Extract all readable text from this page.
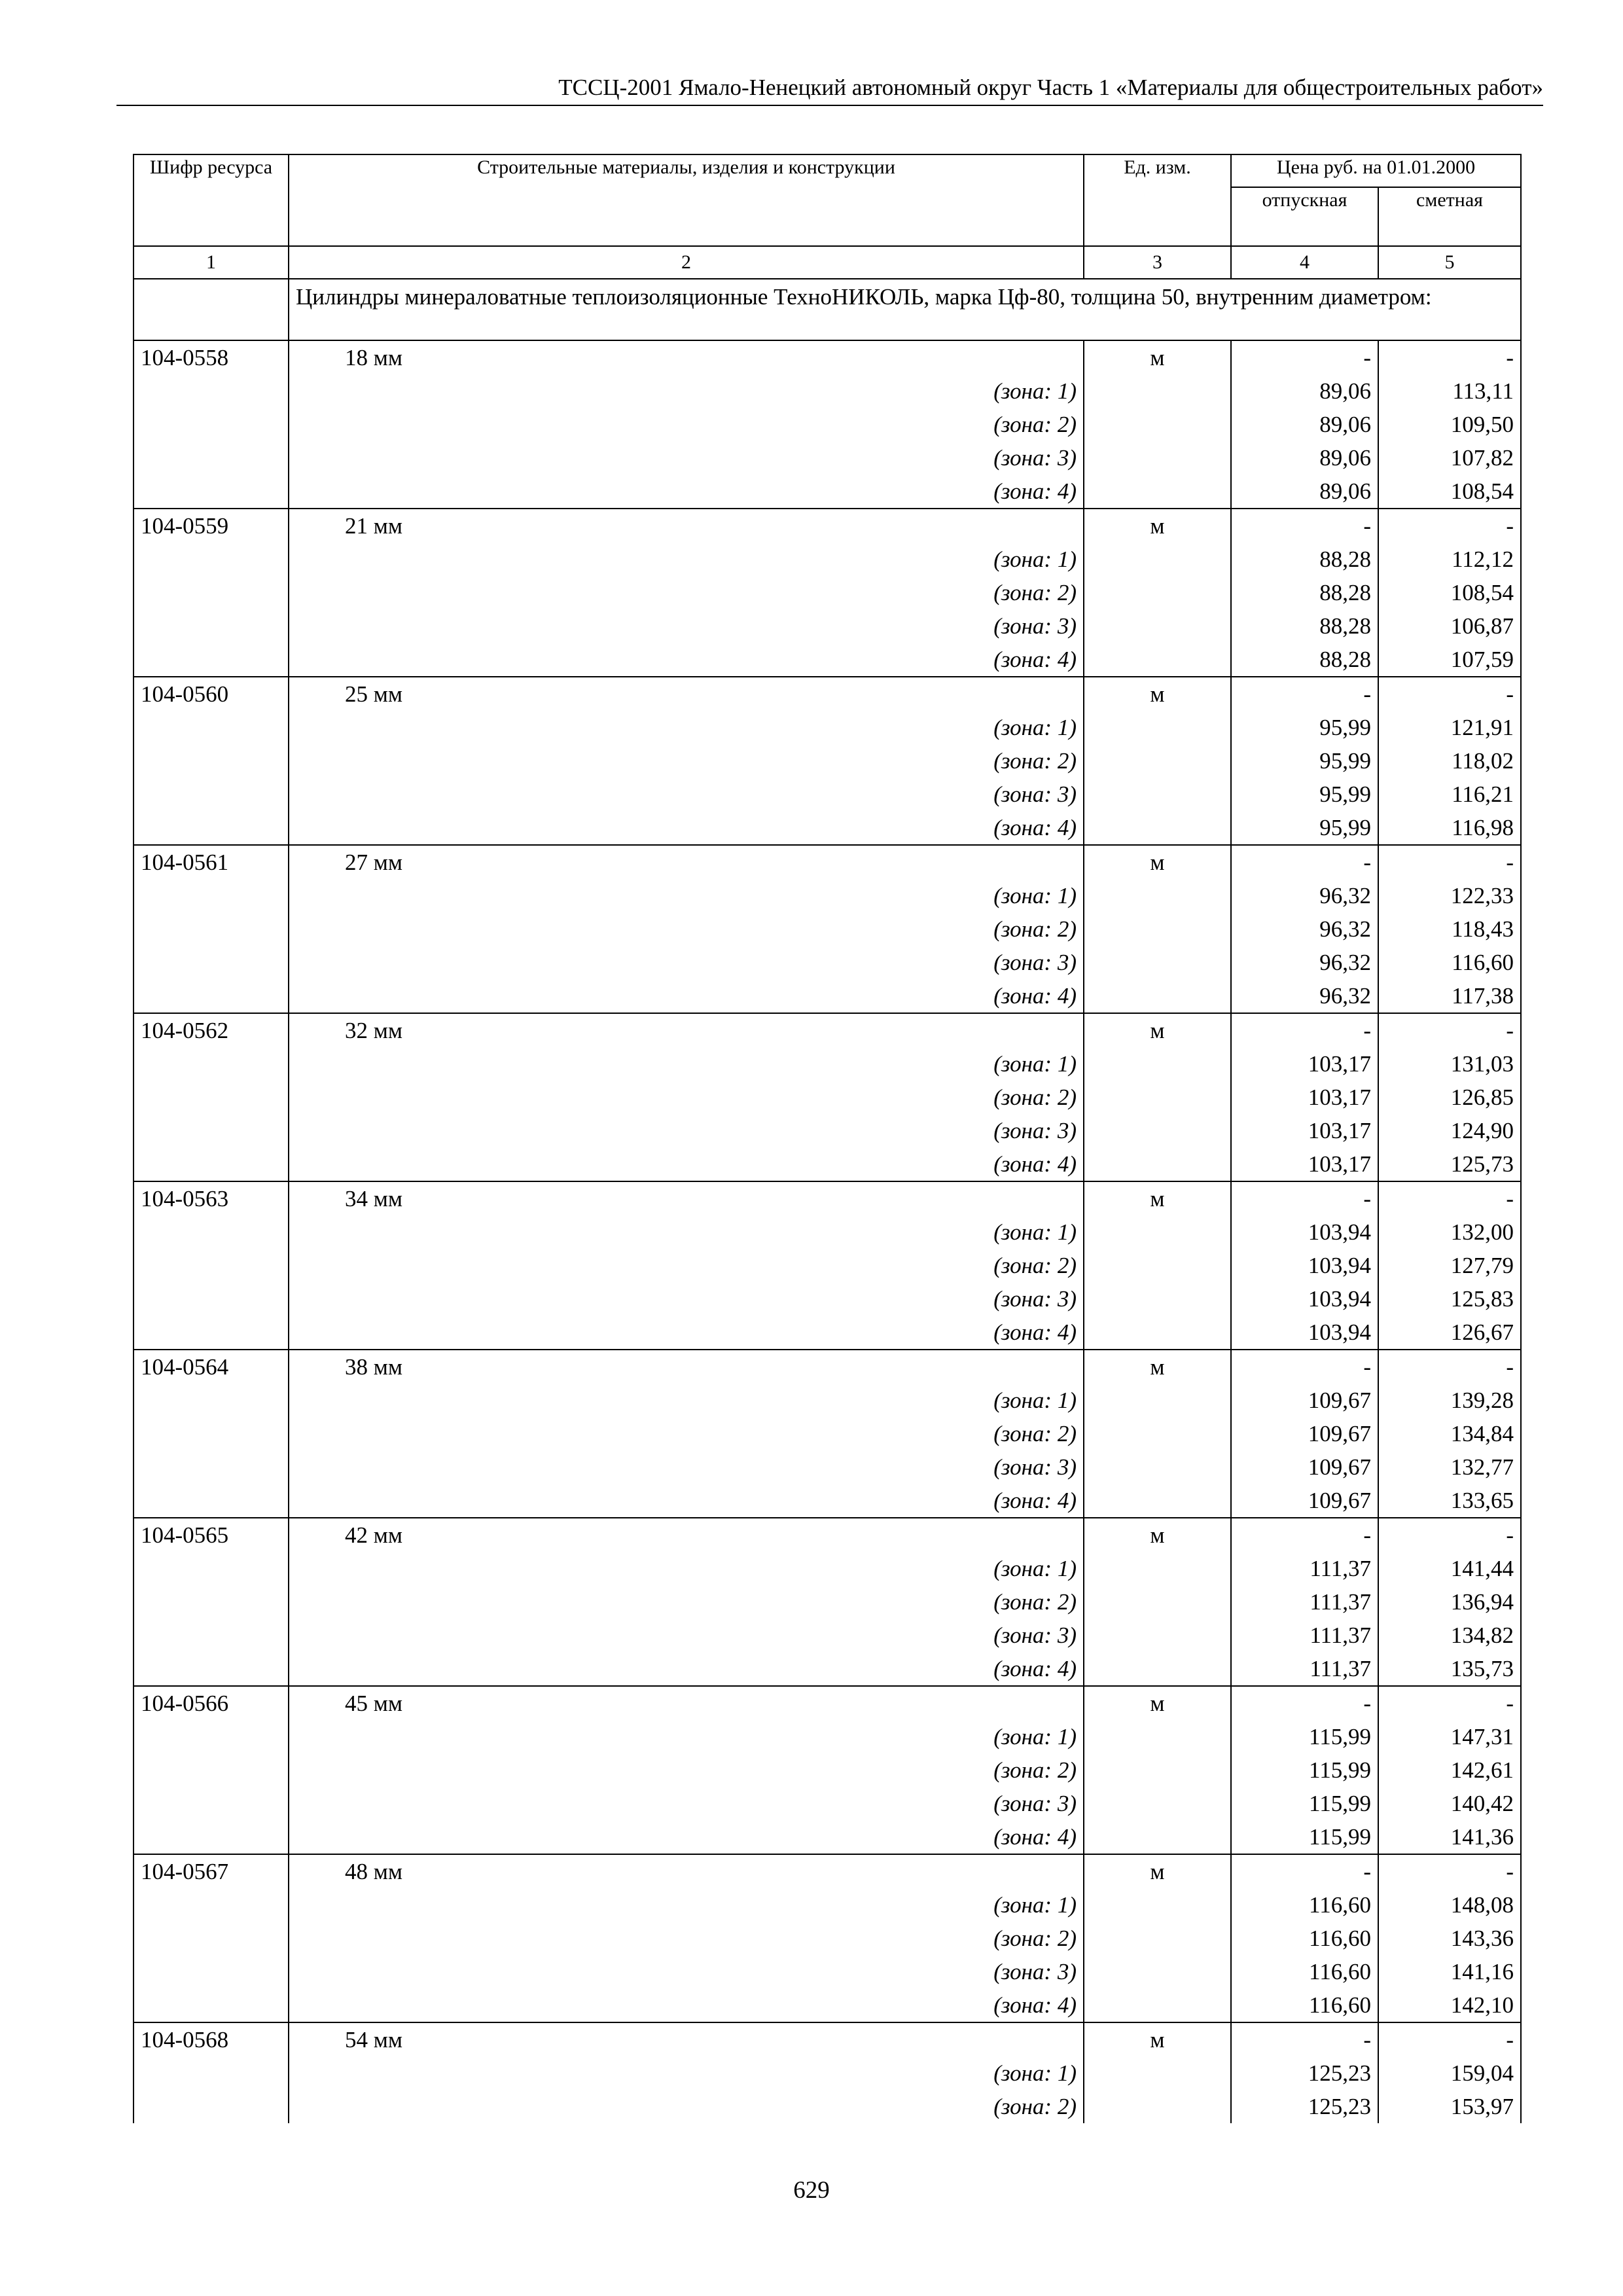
ТССЦ-2001 Ямало-Ненецкий автономный округ Часть 1 «Материалы для общестроительных работ»
Шифр ресурса	Строительные материалы, изделия и конструкции	Ед. изм.	Цена руб. на 01.01.2000	
			отпускная	сметная
1	2	3	4	5
	Цилиндры минераловатные теплоизоляционные ТехноНИКОЛЬ, марка Цф-80, толщина 50, внутренним диаметром:			
104-0558	18 мм	м	-	-
	(зона: 1)		89,06	113,11
	(зона: 2)		89,06	109,50
	(зона: 3)		89,06	107,82
	(зона: 4)		89,06	108,54
104-0559	21 мм	м	-	-
	(зона: 1)		88,28	112,12
	(зона: 2)		88,28	108,54
	(зона: 3)		88,28	106,87
	(зона: 4)		88,28	107,59
104-0560	25 мм	м	-	-
	(зона: 1)		95,99	121,91
	(зона: 2)		95,99	118,02
	(зона: 3)		95,99	116,21
	(зона: 4)		95,99	116,98
104-0561	27 мм	м	-	-
	(зона: 1)		96,32	122,33
	(зона: 2)		96,32	118,43
	(зона: 3)		96,32	116,60
	(зона: 4)		96,32	117,38
104-0562	32 мм	м	-	-
	(зона: 1)		103,17	131,03
	(зона: 2)		103,17	126,85
	(зона: 3)		103,17	124,90
	(зона: 4)		103,17	125,73
104-0563	34 мм	м	-	-
	(зона: 1)		103,94	132,00
	(зона: 2)		103,94	127,79
	(зона: 3)		103,94	125,83
	(зона: 4)		103,94	126,67
104-0564	38 мм	м	-	-
	(зона: 1)		109,67	139,28
	(зона: 2)		109,67	134,84
	(зона: 3)		109,67	132,77
	(зона: 4)		109,67	133,65
104-0565	42 мм	м	-	-
	(зона: 1)		111,37	141,44
	(зона: 2)		111,37	136,94
	(зона: 3)		111,37	134,82
	(зона: 4)		111,37	135,73
104-0566	45 мм	м	-	-
	(зона: 1)		115,99	147,31
	(зона: 2)		115,99	142,61
	(зона: 3)		115,99	140,42
	(зона: 4)		115,99	141,36
104-0567	48 мм	м	-	-
	(зона: 1)		116,60	148,08
	(зона: 2)		116,60	143,36
	(зона: 3)		116,60	141,16
	(зона: 4)		116,60	142,10
104-0568	54 мм	м	-	-
	(зона: 1)		125,23	159,04
	(зона: 2)		125,23	153,97
629
